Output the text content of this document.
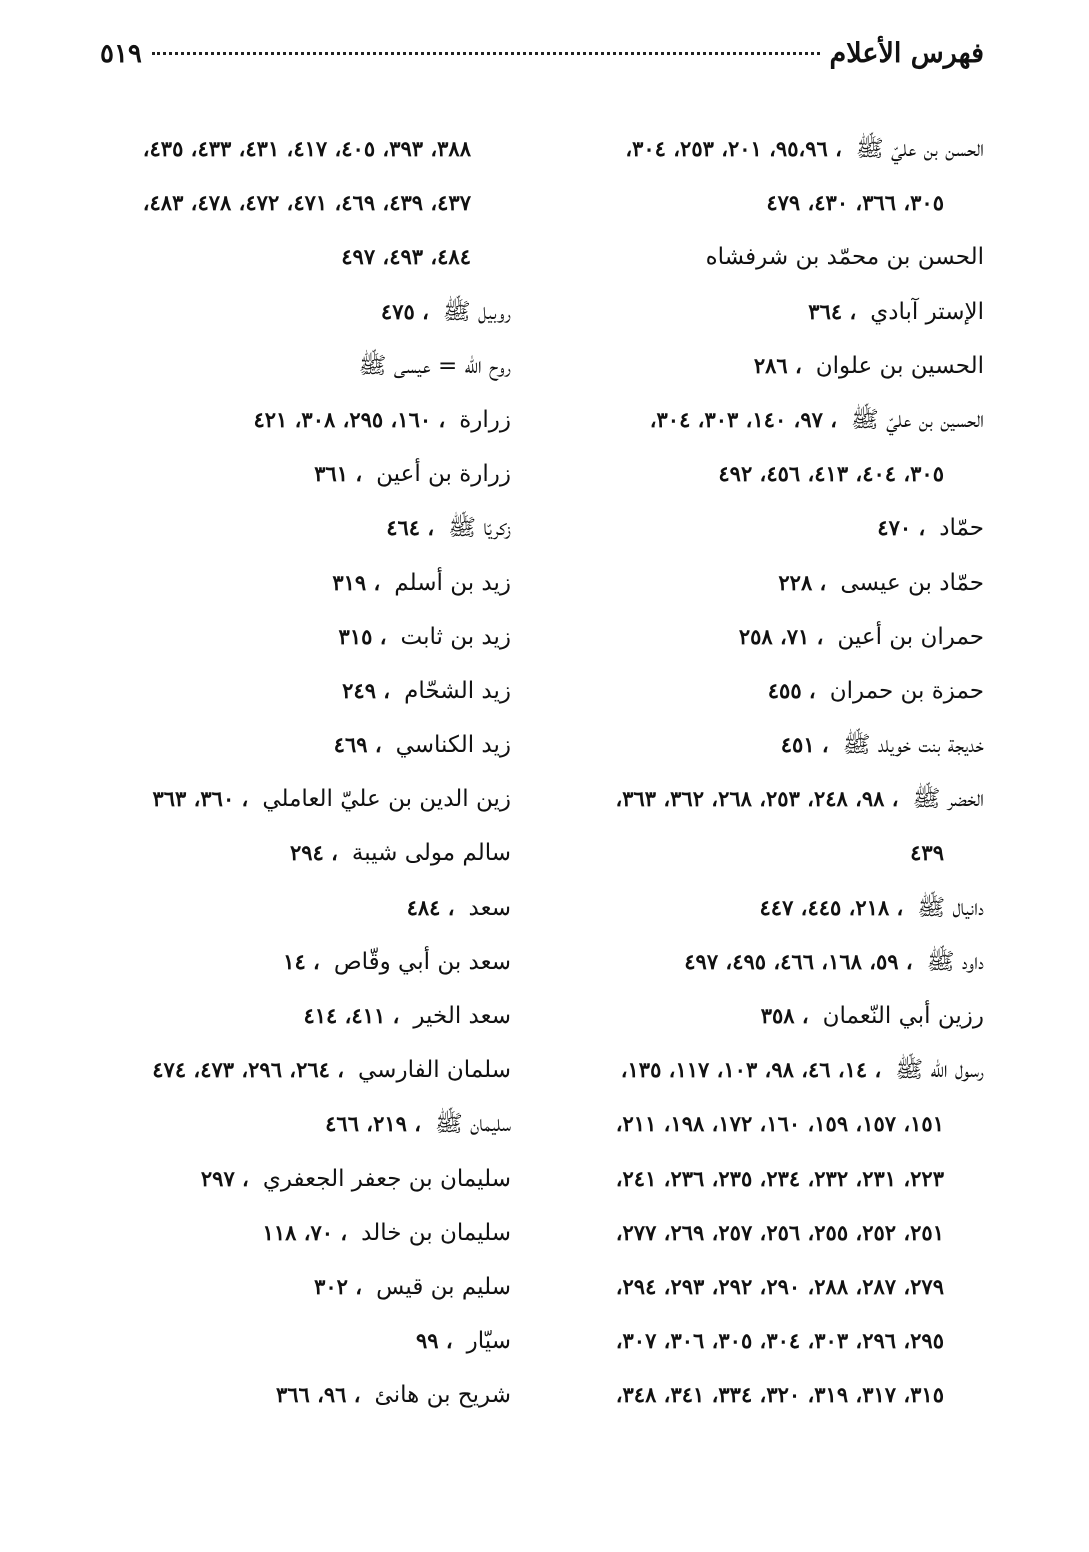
فهرس الأعلام
٥١٩
الحسن بن عليّ ﷺ، ٩٥،٩٦، ٢٠١، ٢٥٣، ٣٠٤،
٣٠٥، ٣٦٦، ٤٣٠، ٤٧٩
الحسن بن محمّد بن شرفشاه
الإستر آبادي، ٣٦٤
الحسين بن علوان، ٢٨٦
الحسين بن عليّ ﷺ، ٩٧، ١٤٠، ٣٠٣، ٣٠٤،
٣٠٥، ٤٠٤، ٤١٣، ٤٥٦، ٤٩٢
حمّاد، ٤٧٠
حمّاد بن عيسى، ٢٢٨
حمران بن أعين، ٧١، ٢٥٨
حمزة بن حمران، ٤٥٥
خديجة بنت خويلد ﷺ، ٤٥١
الخضر ﷺ، ٩٨، ٢٤٨، ٢٥٣، ٢٦٨، ٣٦٢، ٣٦٣،
٤٣٩
دانيال ﷺ، ٢١٨، ٤٤٥، ٤٤٧
داود ﷺ، ٥٩، ١٦٨، ٤٦٦، ٤٩٥، ٤٩٧
رزين أبي النّعمان، ٣٥٨
رسول الله ﷺ، ١٤، ٤٦، ٩٨، ١٠٣، ١١٧، ١٣٥،
١٥١، ١٥٧، ١٥٩، ١٦٠، ١٧٢، ١٩٨، ٢١١،
٢٢٣، ٢٣١، ٢٣٢، ٢٣٤، ٢٣٥، ٢٣٦، ٢٤١،
٢٥١، ٢٥٢، ٢٥٥، ٢٥٦، ٢٥٧، ٢٦٩، ٢٧٧،
٢٧٩، ٢٨٧، ٢٨٨، ٢٩٠، ٢٩٢، ٢٩٣، ٢٩٤،
٢٩٥، ٢٩٦، ٣٠٣، ٣٠٤، ٣٠٥، ٣٠٦، ٣٠٧،
٣١٥، ٣١٧، ٣١٩، ٣٢٠، ٣٣٤، ٣٤١، ٣٤٨،
٣٨٨، ٣٩٣، ٤٠٥، ٤١٧، ٤٣١، ٤٣٣، ٤٣٥،
٤٣٧، ٤٣٩، ٤٦٩، ٤٧١، ٤٧٢، ٤٧٨، ٤٨٣،
٤٨٤، ٤٩٣، ٤٩٧
روبيل ﷺ، ٤٧٥
روح الله = عيسى ﷺ
زرارة، ١٦٠، ٢٩٥، ٣٠٨، ٤٢١
زرارة بن أعين، ٣٦١
زكريّا ﷺ، ٤٦٤
زيد بن أسلم، ٣١٩
زيد بن ثابت، ٣١٥
زيد الشحّام، ٢٤٩
زيد الكناسي، ٤٦٩
زين الدين بن عليّ العاملي، ٣٦٠، ٣٦٣
سالم مولى شيبة، ٢٩٤
سعد، ٤٨٤
سعد بن أبي وقّاص، ١٤
سعد الخير، ٤١١، ٤١٤
سلمان الفارسي، ٢٦٤، ٢٩٦، ٤٧٣، ٤٧٤
سليمان ﷺ، ٢١٩، ٤٦٦
سليمان بن جعفر الجعفري، ٢٩٧
سليمان بن خالد، ٧٠، ١١٨
سليم بن قيس، ٣٠٢
سيّار، ٩٩
شريح بن هانئ، ٩٦، ٣٦٦
